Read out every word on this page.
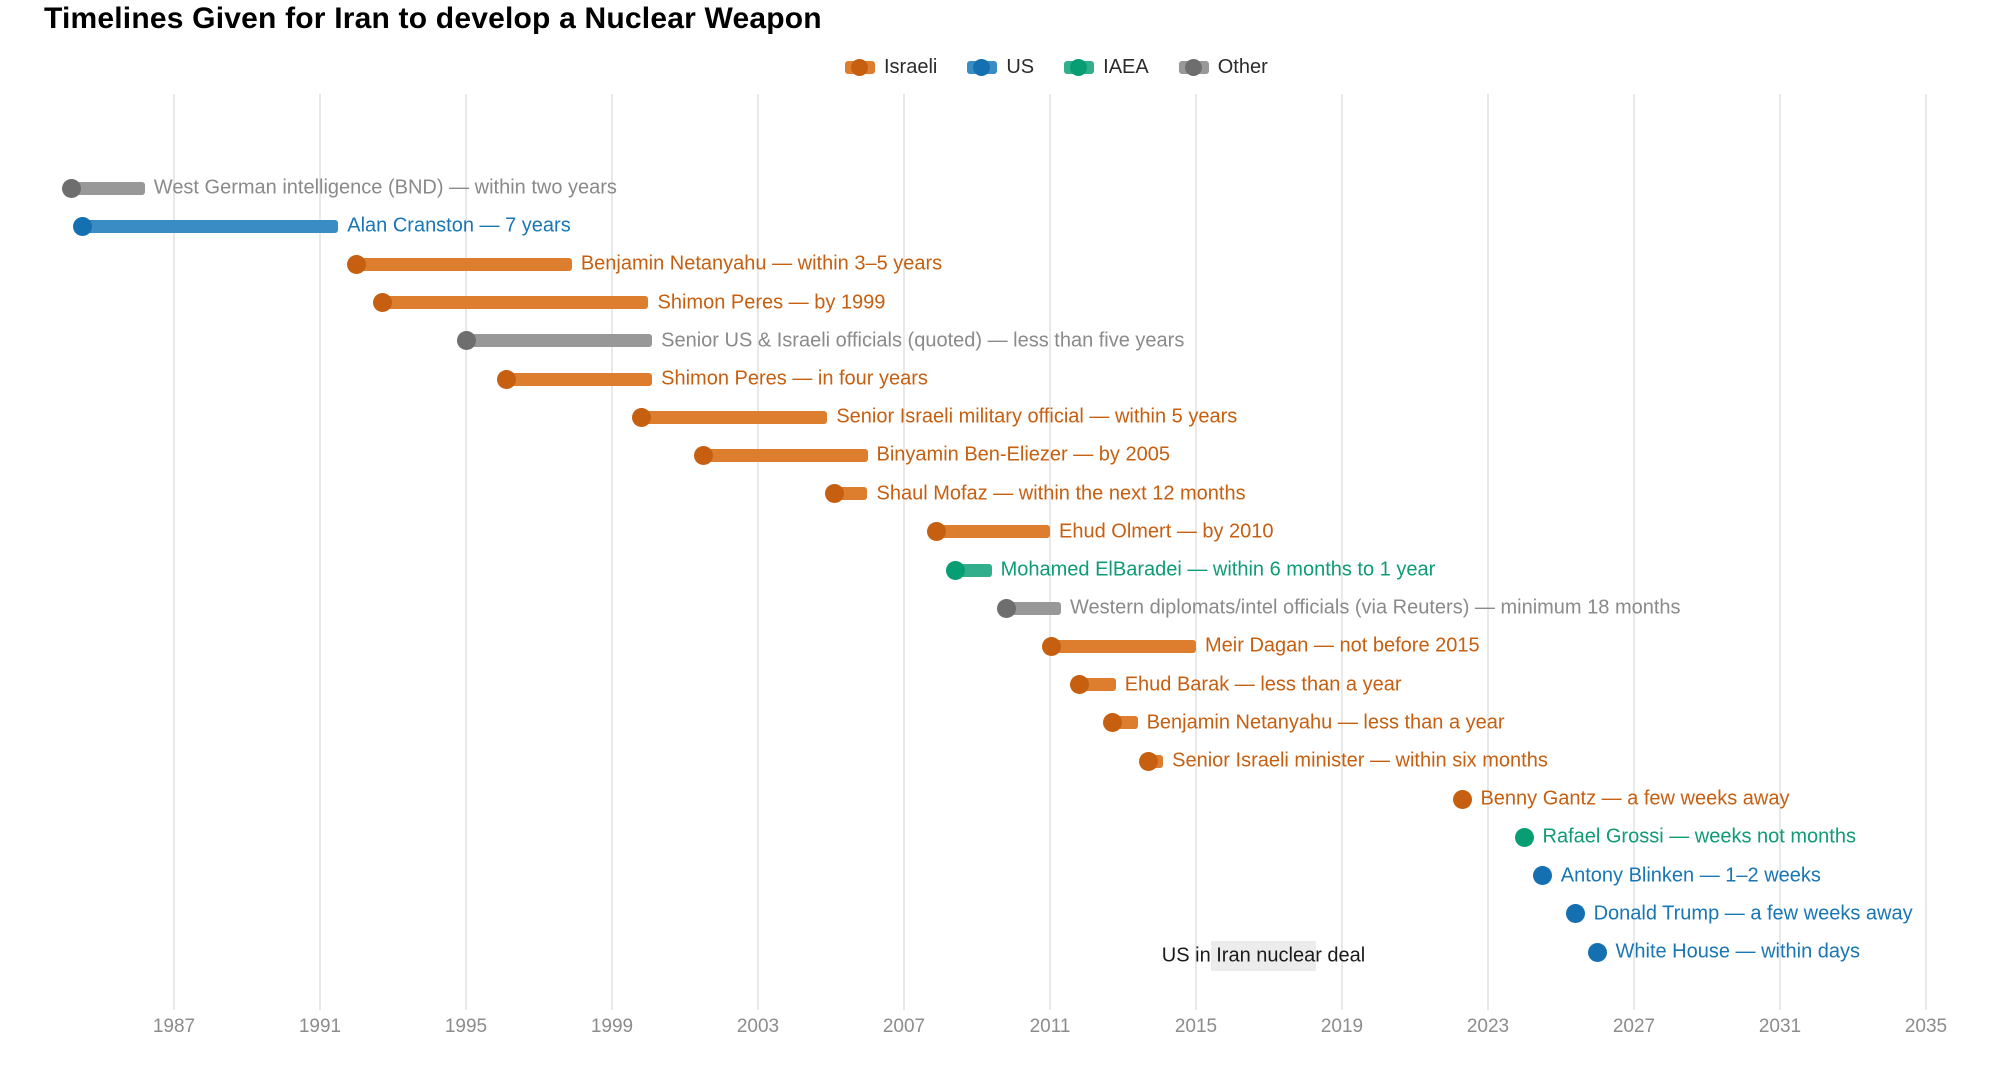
Timelines Given for Iran to develop a Nuclear Weapon
Israeli	US	IAEA	Other
1987	1991	1995	1999	2003	2007	2011	2015	2019	2023	2027	2031	2035
US in Iran nuclear deal
West German intelligence (BND) — within two years
Alan Cranston — 7 years
Benjamin Netanyahu — within 3–5 years
Shimon Peres — by 1999
Senior US & Israeli officials (quoted) — less than five years
Shimon Peres — in four years
Senior Israeli military official — within 5 years
Binyamin Ben-Eliezer — by 2005
Shaul Mofaz — within the next 12 months
Ehud Olmert — by 2010
Mohamed ElBaradei — within 6 months to 1 year
Western diplomats/intel officials (via Reuters) — minimum 18 months
Meir Dagan — not before 2015
Ehud Barak — less than a year
Benjamin Netanyahu — less than a year
Senior Israeli minister — within six months
Benny Gantz — a few weeks away
Rafael Grossi — weeks not months
Antony Blinken — 1–2 weeks
Donald Trump — a few weeks away
White House — within days
